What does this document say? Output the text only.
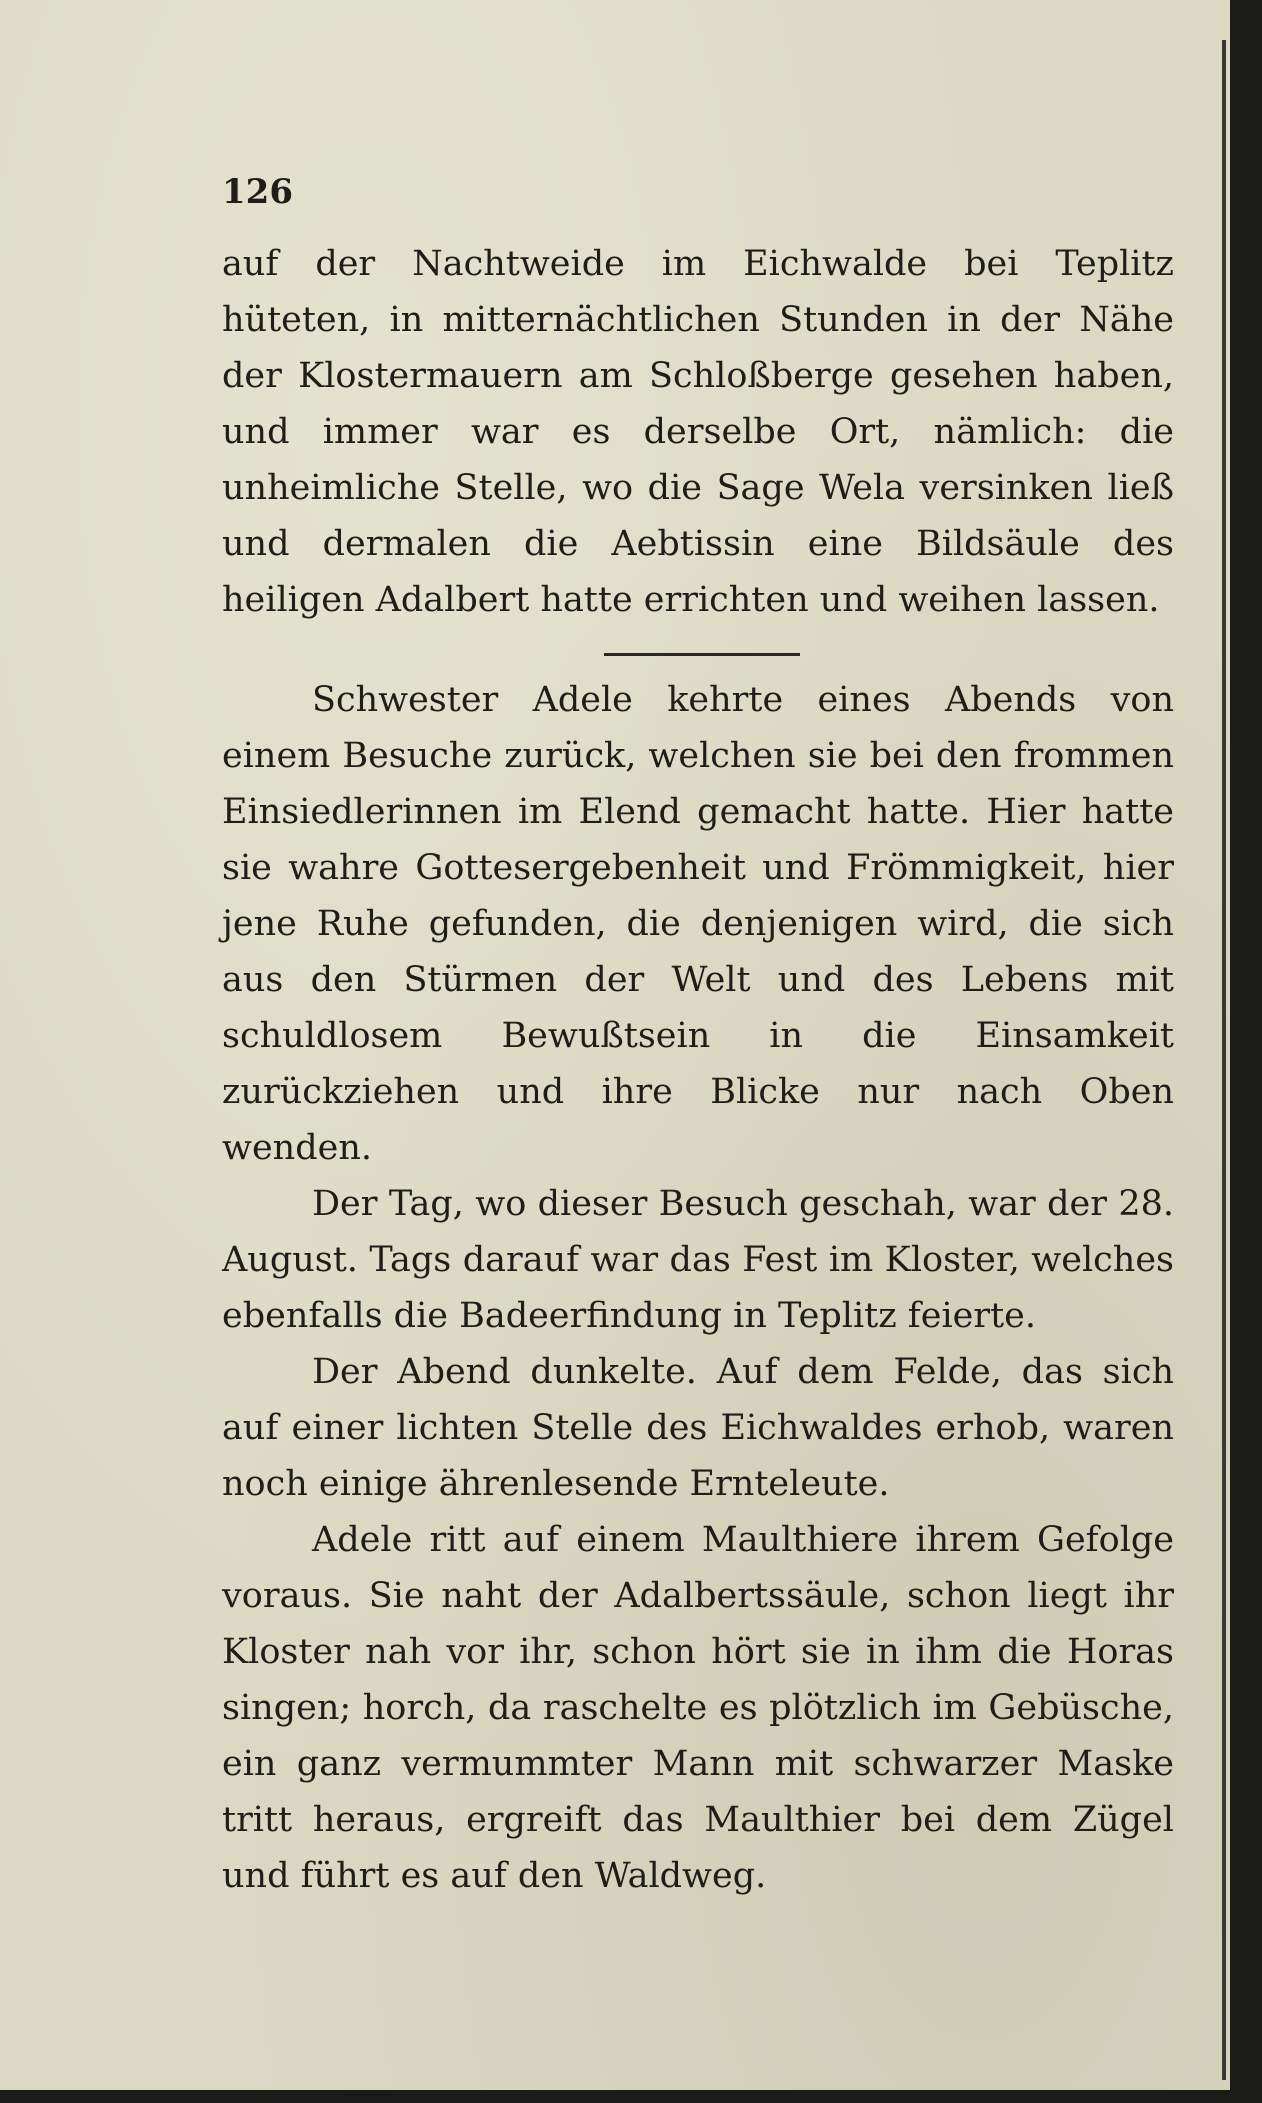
126

auf der Nachtweide im Eichwalde bei Teplitz hüteten, in mitternächtlichen Stunden in der Nähe der Klostermauern am Schloßberge gesehen haben, und immer war es derselbe Ort, nämlich: die unheimliche Stelle, wo die Sage Wela versinken ließ und dermalen die Aebtissin eine Bildsäule des heiligen Adalbert hatte errichten und weihen lassen.

Schwester Adele kehrte eines Abends von einem Besuche zurück, welchen sie bei den frommen Einsiedlerinnen im Elend gemacht hatte. Hier hatte sie wahre Gottesergebenheit und Frömmigkeit, hier jene Ruhe gefunden, die denjenigen wird, die sich aus den Stürmen der Welt und des Lebens mit schuldlosem Bewußtsein in die Einsamkeit zurückziehen und ihre Blicke nur nach Oben wenden.

Der Tag, wo dieser Besuch geschah, war der 28. August. Tags darauf war das Fest im Kloster, welches ebenfalls die Badeerfindung in Teplitz feierte.

Der Abend dunkelte. Auf dem Felde, das sich auf einer lichten Stelle des Eichwaldes erhob, waren noch einige ährenlesende Ernteleute.

Adele ritt auf einem Maulthiere ihrem Gefolge voraus. Sie naht der Adalbertssäule, schon liegt ihr Kloster nah vor ihr, schon hört sie in ihm die Horas singen; horch, da raschelte es plötzlich im Gebüsche, ein ganz vermummter Mann mit schwarzer Maske tritt heraus, ergreift das Maulthier bei dem Zügel und führt es auf den Waldweg.
